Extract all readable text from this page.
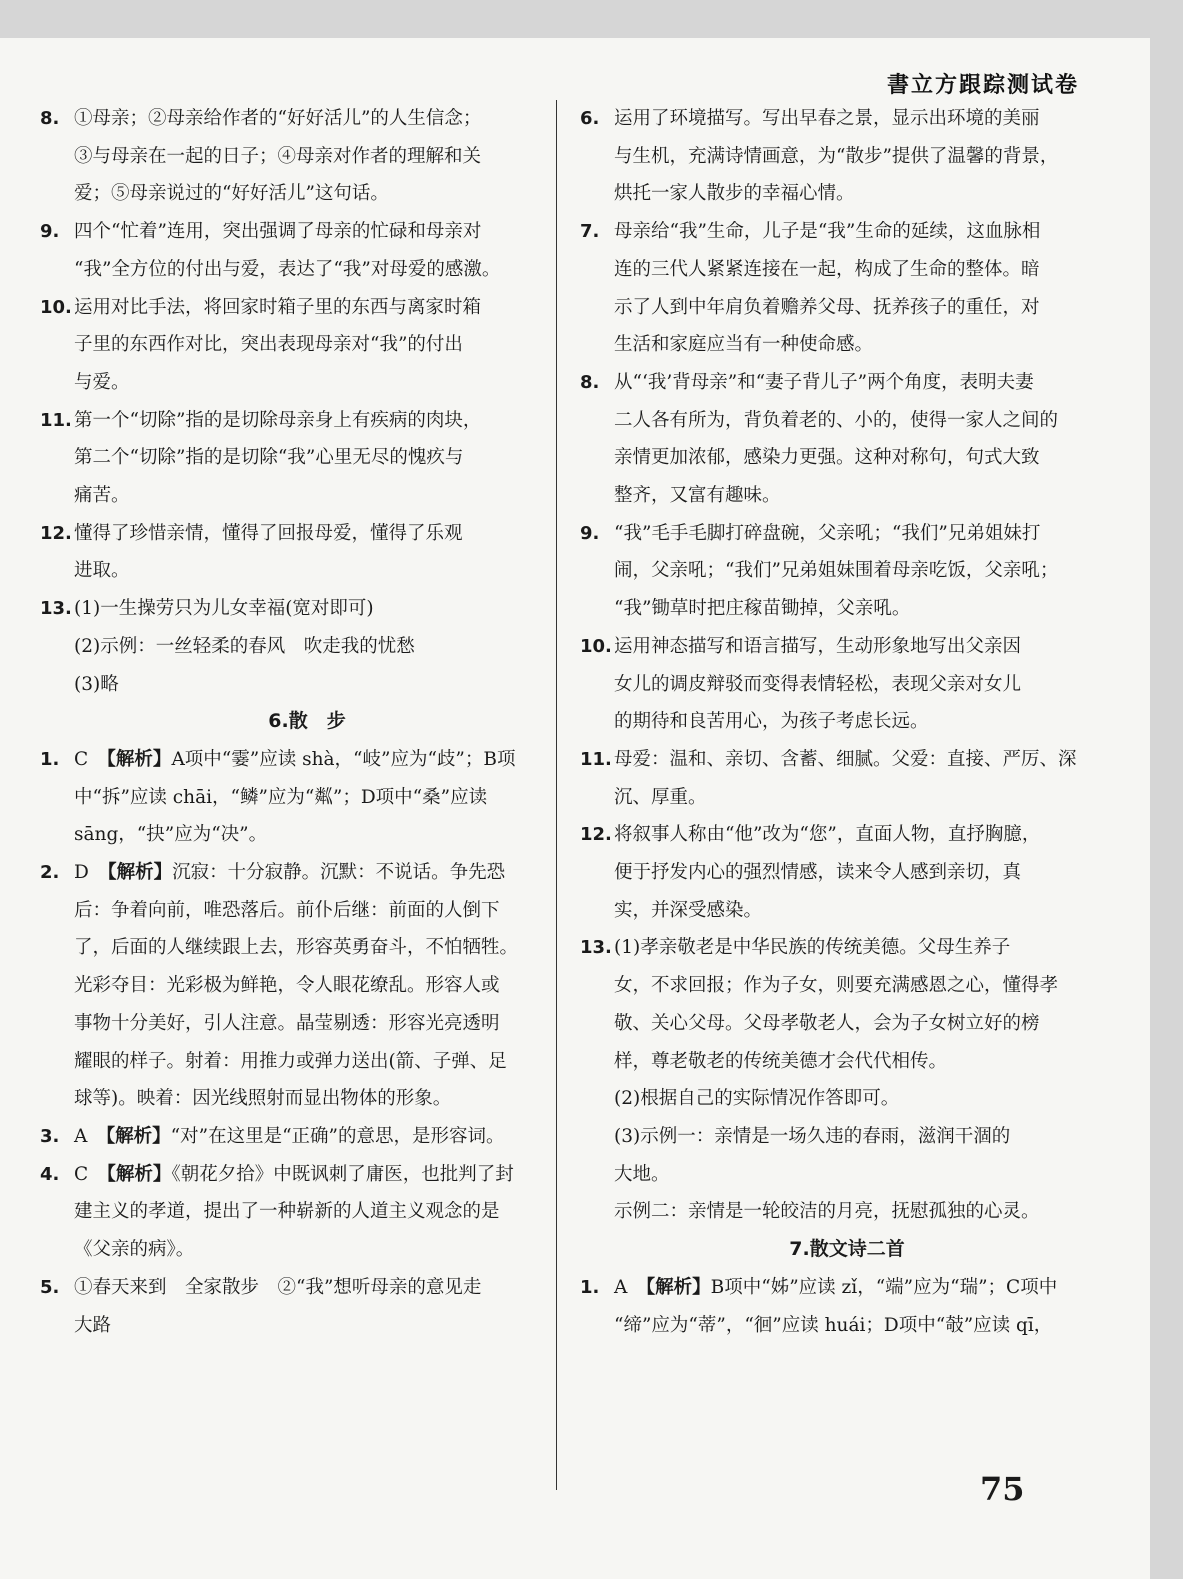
書立方跟踪测试卷
8. ①母亲；②母亲给作者的“好好活儿”的人生信念；
③与母亲在一起的日子；④母亲对作者的理解和关
爱；⑤母亲说过的“好好活儿”这句话。
9. 四个“忙着”连用，突出强调了母亲的忙碌和母亲对
“我”全方位的付出与爱，表达了“我”对母爱的感激。
10. 运用对比手法，将回家时箱子里的东西与离家时箱
子里的东西作对比，突出表现母亲对“我”的付出
与爱。
11. 第一个“切除”指的是切除母亲身上有疾病的肉块，
第二个“切除”指的是切除“我”心里无尽的愧疚与
痛苦。
12. 懂得了珍惜亲情，懂得了回报母爱，懂得了乐观
进取。
13. (1)一生操劳只为儿女幸福(宽对即可)
(2)示例：一丝轻柔的春风　吹走我的忧愁
(3)略
6.散　步
1. C　 【解析】A项中“霎”应读 shà，“岐”应为“歧”；B项
中“拆”应读 chāi，“鳞”应为“粼”；D项中“桑”应读
sāng，“抉”应为“决”。
2. D　 【解析】沉寂：十分寂静。沉默：不说话。争先恐
后：争着向前，唯恐落后。前仆后继：前面的人倒下
了，后面的人继续跟上去，形容英勇奋斗，不怕牺牲。
光彩夺目：光彩极为鲜艳，令人眼花缭乱。形容人或
事物十分美好，引人注意。晶莹剔透：形容光亮透明
耀眼的样子。射着：用推力或弹力送出(箭、子弹、足
球等)。映着：因光线照射而显出物体的形象。
3. A　 【解析】“对”在这里是“正确”的意思，是形容词。
4. C　 【解析】《朝花夕拾》中既讽刺了庸医，也批判了封
建主义的孝道，提出了一种崭新的人道主义观念的是
《父亲的病》。
5. ①春天来到　全家散步　②“我”想听母亲的意见走
大路
6. 运用了环境描写。写出早春之景，显示出环境的美丽
与生机，充满诗情画意，为“散步”提供了温馨的背景，
烘托一家人散步的幸福心情。
7. 母亲给“我”生命，儿子是“我”生命的延续，这血脉相
连的三代人紧紧连接在一起，构成了生命的整体。暗
示了人到中年肩负着赡养父母、抚养孩子的重任，对
生活和家庭应当有一种使命感。
8. 从“‘我’背母亲”和“妻子背儿子”两个角度，表明夫妻
二人各有所为，背负着老的、小的，使得一家人之间的
亲情更加浓郁，感染力更强。这种对称句，句式大致
整齐，又富有趣味。
9. “我”毛手毛脚打碎盘碗，父亲吼；“我们”兄弟姐妹打
闹，父亲吼；“我们”兄弟姐妹围着母亲吃饭，父亲吼；
“我”锄草时把庄稼苗锄掉，父亲吼。
10. 运用神态描写和语言描写，生动形象地写出父亲因
女儿的调皮辩驳而变得表情轻松，表现父亲对女儿
的期待和良苦用心，为孩子考虑长远。
11. 母爱：温和、亲切、含蓄、细腻。父爱：直接、严厉、深
沉、厚重。
12. 将叙事人称由“他”改为“您”，直面人物，直抒胸臆，
便于抒发内心的强烈情感，读来令人感到亲切，真
实，并深受感染。
13. (1)孝亲敬老是中华民族的传统美德。父母生养子
女，不求回报；作为子女，则要充满感恩之心，懂得孝
敬、关心父母。父母孝敬老人，会为子女树立好的榜
样，尊老敬老的传统美德才会代代相传。
(2)根据自己的实际情况作答即可。
(3)示例一：亲情是一场久违的春雨，滋润干涸的
大地。
示例二：亲情是一轮皎洁的月亮，抚慰孤独的心灵。
7.散文诗二首
1. A　 【解析】B项中“姊”应读 zǐ，“端”应为“瑞”；C项中
“缔”应为“蒂”，“徊”应读 huái；D项中“攲”应读 qī，
75
